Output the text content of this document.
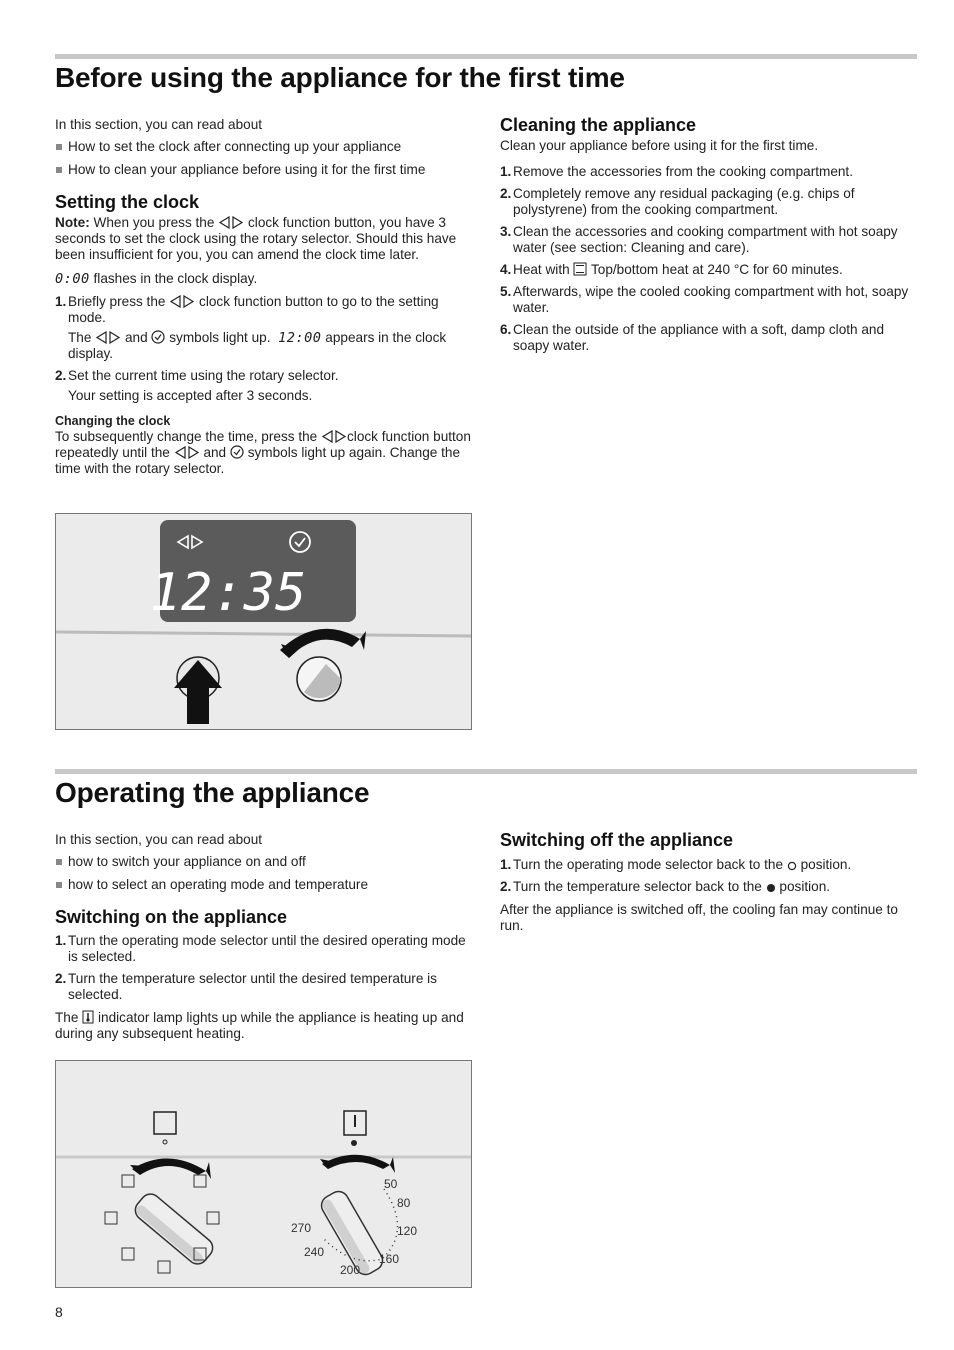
Before using the appliance for the first time

In this section, you can read about

How to set the clock after connecting up your appliance

How to clean your appliance before using it for the first time

Setting the clock

Note: When you press the clock function button, you have 3 seconds to set the clock using the rotary selector. Should this have been insufficient for you, you can amend the clock time later.

0:00 flashes in the clock display.

1. Briefly press the clock function button to go to the setting mode.

The and symbols light up. 12:00 appears in the clock display.

2. Set the current time using the rotary selector.

Your setting is accepted after 3 seconds.

Changing the clock

To subsequently change the time, press the clock function button repeatedly until the and symbols light up again. Change the time with the rotary selector.

12:35
Cleaning the appliance

Clean your appliance before using it for the first time.

1. Remove the accessories from the cooking compartment.
2. Completely remove any residual packaging (e.g. chips of polystyrene) from the cooking compartment.
3. Clean the accessories and cooking compartment with hot soapy water (see section: Cleaning and care).
4. Heat with Top/bottom heat at 240 °C for 60 minutes.
5. Afterwards, wipe the cooled cooking compartment with hot, soapy water.
6. Clean the outside of the appliance with a soft, damp cloth and soapy water.
Operating the appliance

In this section, you can read about

how to switch your appliance on and off

how to select an operating mode and temperature

Switching on the appliance
1. Turn the operating mode selector until the desired operating mode is selected.
2. Turn the temperature selector until the desired temperature is selected.

The indicator lamp lights up while the appliance is heating up and during any subsequent heating.

Switching off the appliance
1. Turn the operating mode selector back to the position.
2. Turn the temperature selector back to the position.

After the appliance is switched off, the cooling fan may continue to run.

50
80
120
160
200
240
270
8
